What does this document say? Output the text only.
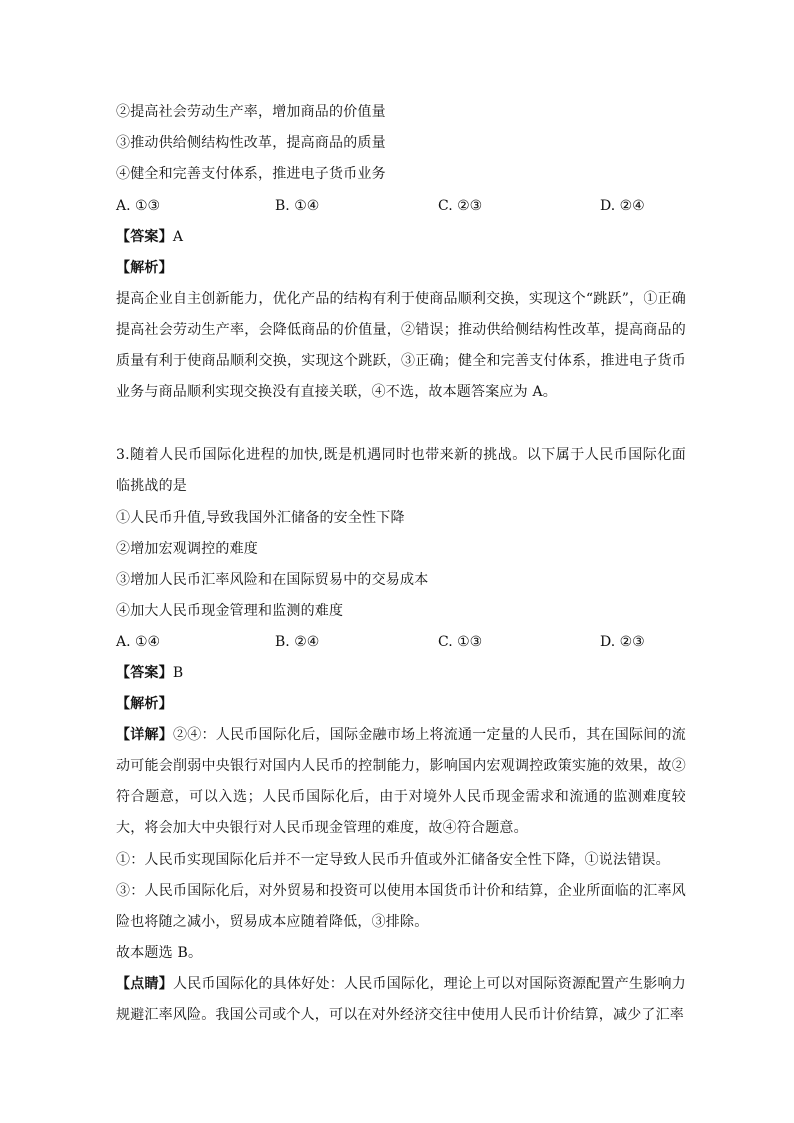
②提高社会劳动生产率，增加商品的价值量
③推动供给侧结构性改革，提高商品的质量
④健全和完善支付体系，推进电子货币业务
A. ①③	B. ①④	C. ②③	D. ②④
【答案】A
【解析】
提高企业自主创新能力，优化产品的结构有利于使商品顺利交换，实现这个“跳跃”，①正确提高社会劳动生产率，会降低商品的价值量，②错误；推动供给侧结构性改革，提高商品的质量有利于使商品顺利交换，实现这个跳跃，③正确；健全和完善支付体系，推进电子货币业务与商品顺利实现交换没有直接关联，④不选，故本题答案应为 A。
3.随着人民币国际化进程的加快,既是机遇同时也带来新的挑战。以下属于人民币国际化面临挑战的是
①人民币升值,导致我国外汇储备的安全性下降
②增加宏观调控的难度
③增加人民币汇率风险和在国际贸易中的交易成本
④加大人民币现金管理和监测的难度
A. ①④	B. ②④	C. ①③	D. ②③
【答案】B
【解析】
【详解】②④：人民币国际化后，国际金融市场上将流通一定量的人民币，其在国际间的流动可能会削弱中央银行对国内人民币的控制能力，影响国内宏观调控政策实施的效果，故②符合题意，可以入选；人民币国际化后，由于对境外人民币现金需求和流通的监测难度较大，将会加大中央银行对人民币现金管理的难度，故④符合题意。
①：人民币实现国际化后并不一定导致人民币升值或外汇储备安全性下降，①说法错误。
③：人民币国际化后，对外贸易和投资可以使用本国货币计价和结算，企业所面临的汇率风险也将随之减小，贸易成本应随着降低，③排除。
故本题选 B。
【点睛】人民币国际化的具体好处：人民币国际化，理论上可以对国际资源配置产生影响力规避汇率风险。我国公司或个人，可以在对外经济交往中使用人民币计价结算，减少了汇率
